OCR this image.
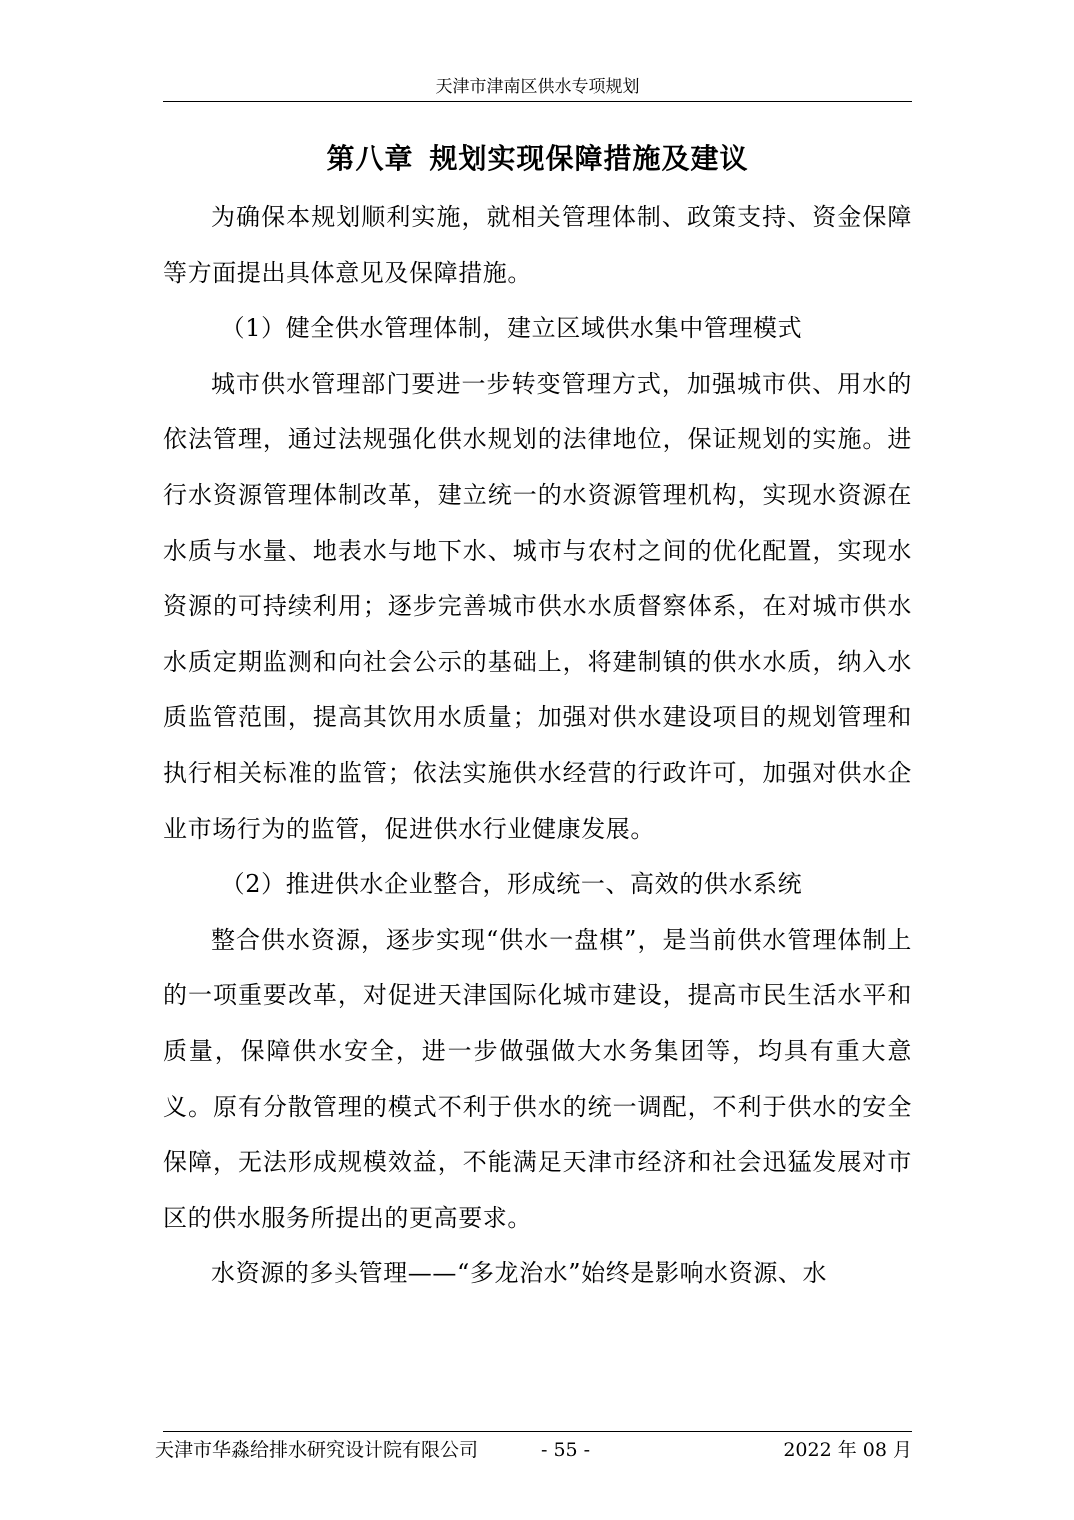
天津市津南区供水专项规划
第八章 规划实现保障措施及建议

为确保本规划顺利实施，就相关管理体制、政策支持、资金保障等方面提出具体意见及保障措施。

（1）健全供水管理体制，建立区域供水集中管理模式

城市供水管理部门要进一步转变管理方式，加强城市供、用水的依法管理，通过法规强化供水规划的法律地位，保证规划的实施。进行水资源管理体制改革，建立统一的水资源管理机构，实现水资源在水质与水量、地表水与地下水、城市与农村之间的优化配置，实现水资源的可持续利用；逐步完善城市供水水质督察体系，在对城市供水水质定期监测和向社会公示的基础上，将建制镇的供水水质，纳入水质监管范围，提高其饮用水质量；加强对供水建设项目的规划管理和执行相关标准的监管；依法实施供水经营的行政许可，加强对供水企业市场行为的监管，促进供水行业健康发展。

（2）推进供水企业整合，形成统一、高效的供水系统

整合供水资源，逐步实现“供水一盘棋”，是当前供水管理体制上的一项重要改革，对促进天津国际化城市建设，提高市民生活水平和质量，保障供水安全，进一步做强做大水务集团等，均具有重大意义。原有分散管理的模式不利于供水的统一调配，不利于供水的安全保障，无法形成规模效益，不能满足天津市经济和社会迅猛发展对市区的供水服务所提出的更高要求。

水资源的多头管理——“多龙治水”始终是影响水资源、水

天津市华淼给排水研究设计院有限公司	- 55 -	2022 年 08 月
